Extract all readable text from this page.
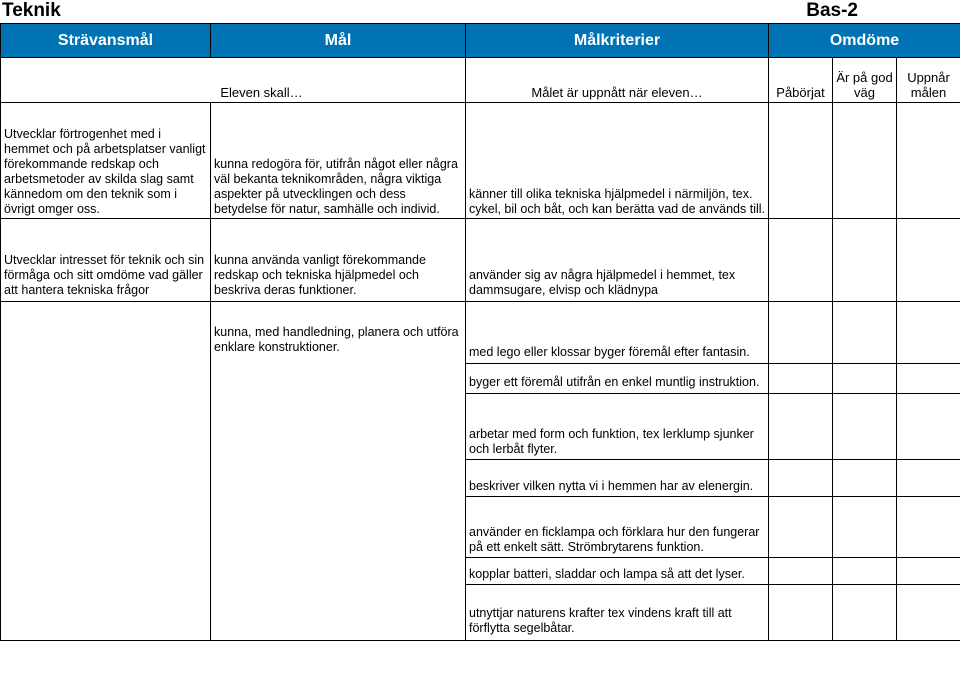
Teknik	Bas-2
Strävansmål	Mål	Målkriterier	Omdöme		
Eleven skall…		Målet är uppnått när eleven…	Påbörjat	Är på god väg	Uppnår målen
Utvecklar förtrogenhet med i hemmet och på arbetsplatser vanligt förekommande redskap och arbetsmetoder av skilda slag samt kännedom om den teknik som i övrigt omger oss.	kunna redogöra för, utifrån något eller några väl bekanta teknikområden, några viktiga aspekter på utvecklingen och dess betydelse för natur, samhälle och individ.	känner till olika tekniska hjälpmedel i närmiljön, tex. cykel, bil och båt, och kan berätta vad de används till.			
Utvecklar intresset för teknik och sin förmåga och sitt omdöme vad gäller att hantera tekniska frågor	kunna använda vanligt förekommande redskap och tekniska hjälpmedel och beskriva deras funktioner.	använder sig av några hjälpmedel i hemmet, tex dammsugare, elvisp och klädnypa			
	kunna, med handledning, planera och utföra enklare konstruktioner.	med lego eller klossar byger föremål efter fantasin.			
		byger ett föremål utifrån en enkel muntlig instruktion.			
		arbetar med form och funktion, tex lerklump sjunker och lerbåt flyter.			
		beskriver vilken nytta vi i hemmen har av elenergin.			
		använder en ficklampa och förklara hur den fungerar på ett enkelt sätt. Strömbrytarens funktion.			
		kopplar batteri, sladdar och lampa så att det lyser.			
		utnyttjar naturens krafter tex vindens kraft till att förflytta segelbåtar.			
